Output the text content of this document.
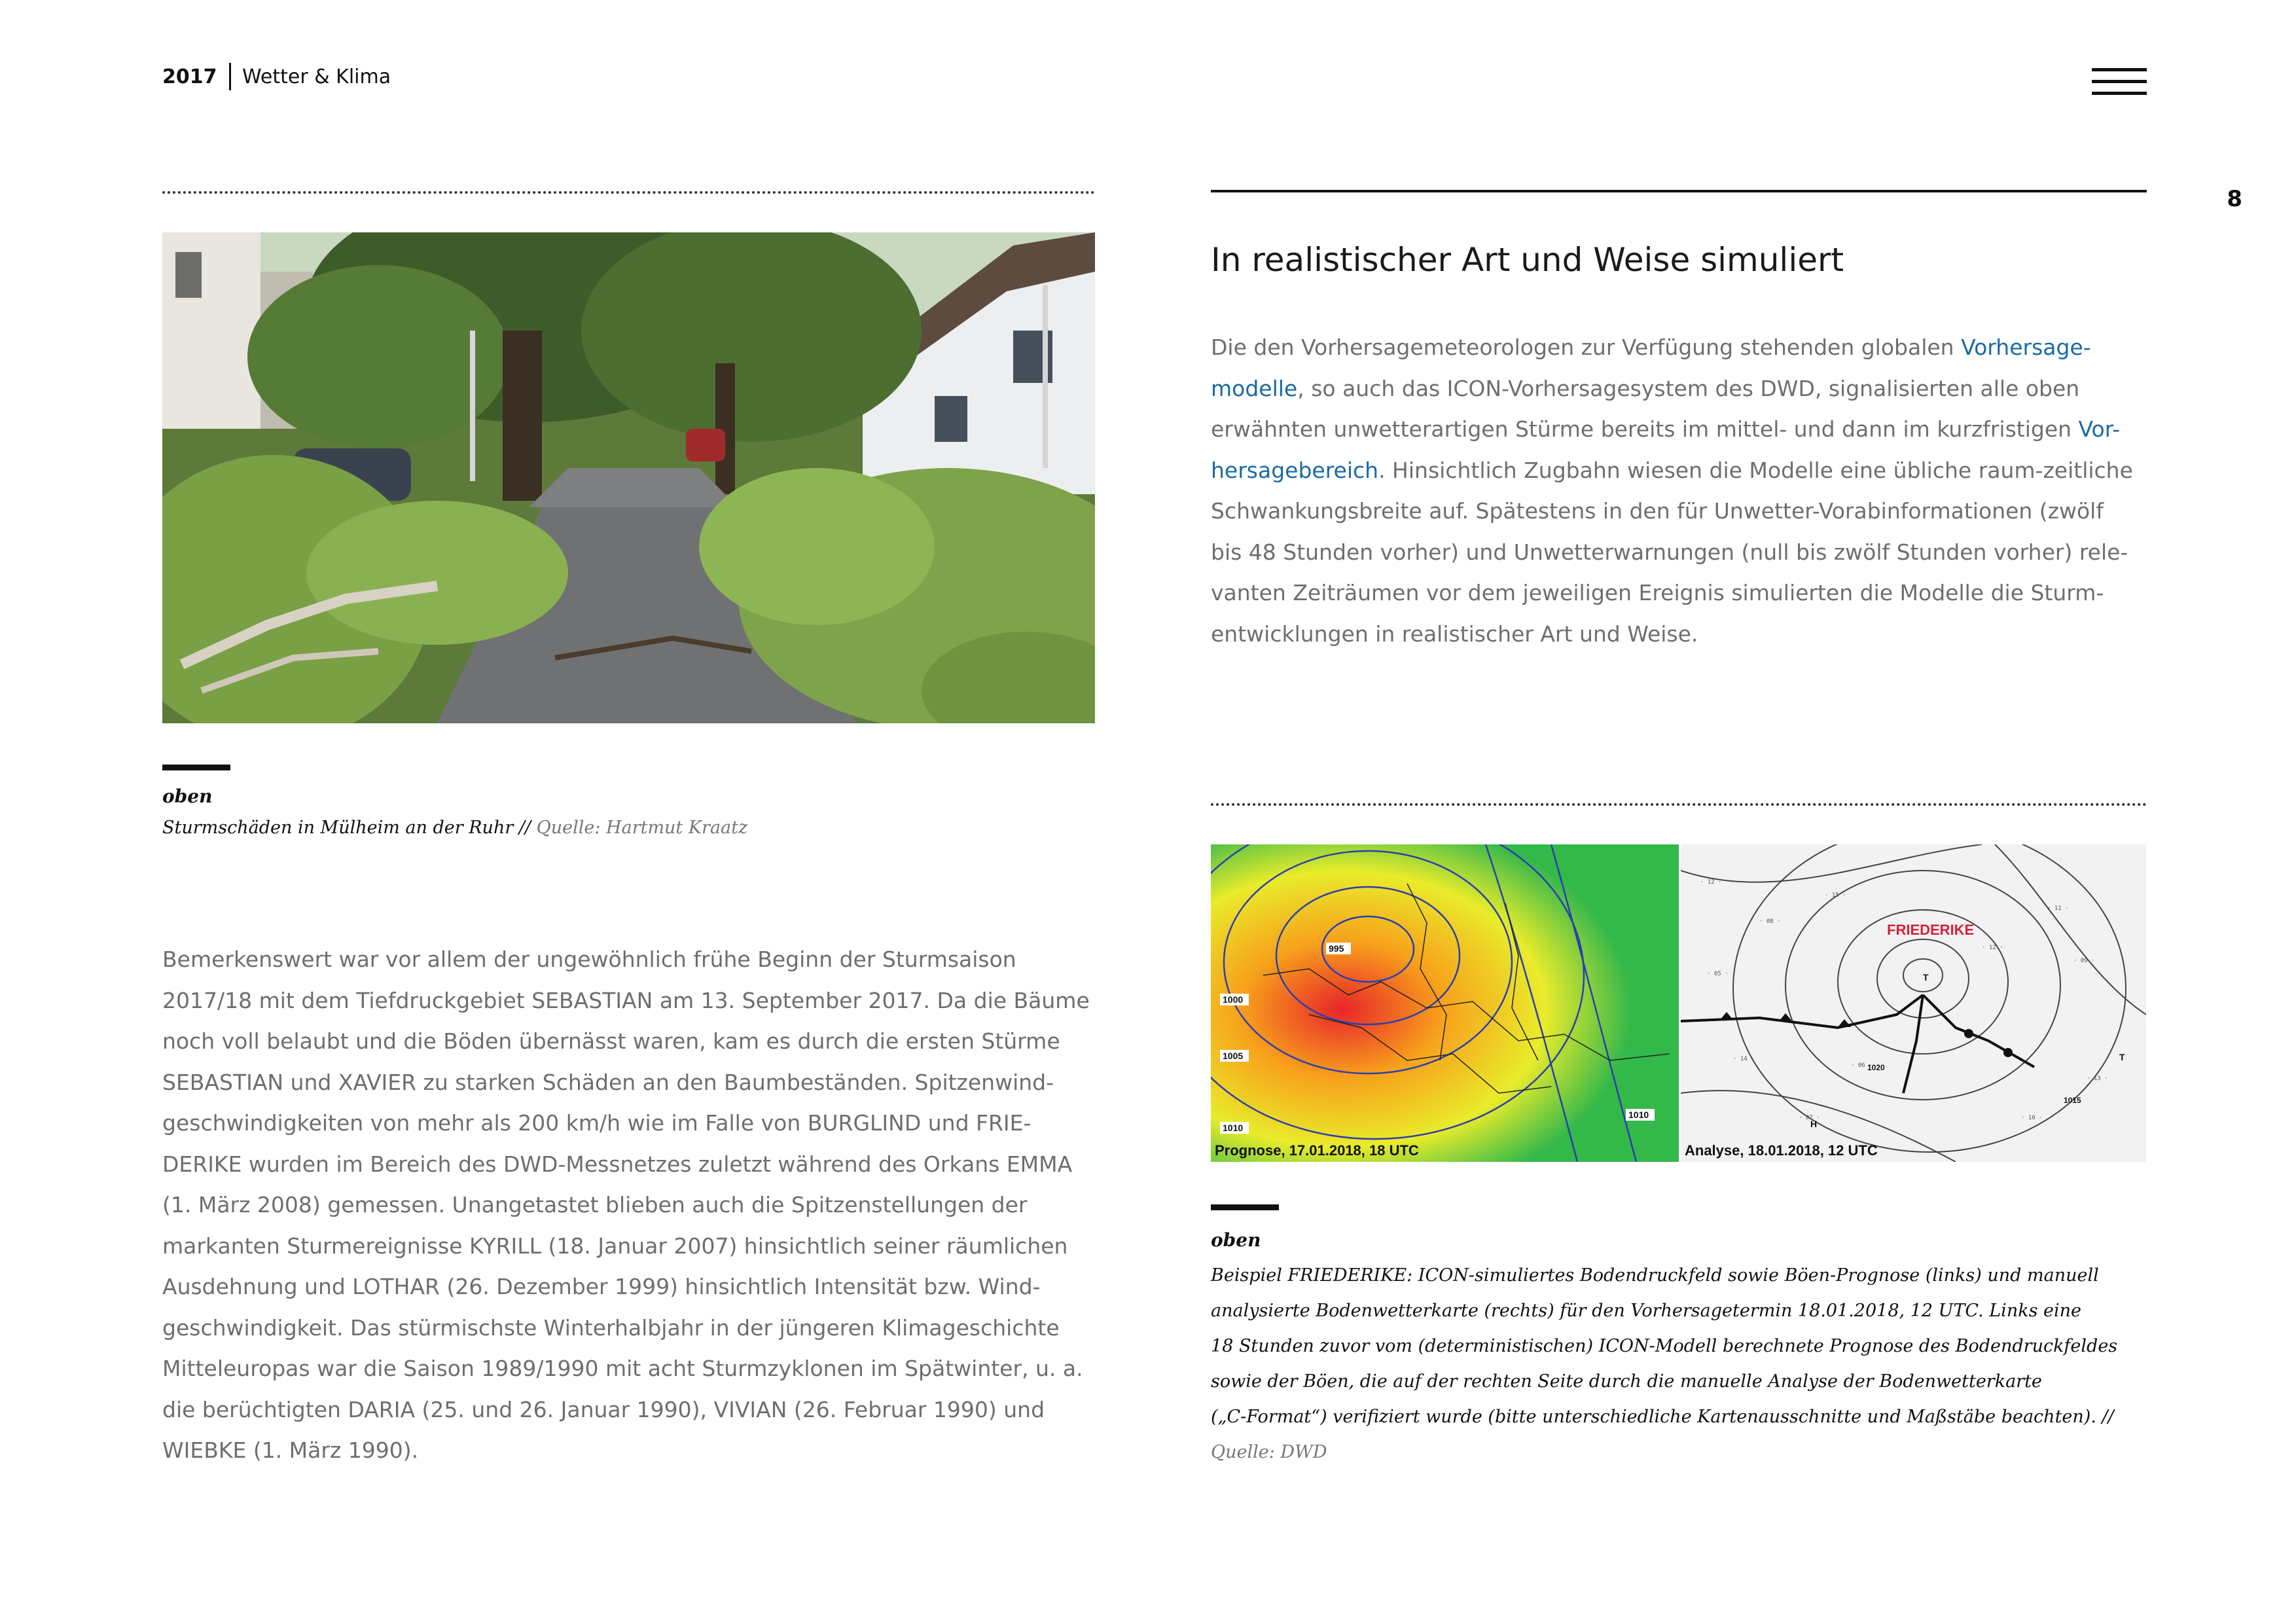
2017 Wetter & Klima
8
oben
Sturmschäden in Mülheim an der Ruhr // Quelle: Hartmut Kraatz

Bemerkenswert war vor allem der ungewöhnlich frühe Beginn der Sturmsaison

2017/18 mit dem Tiefdruckgebiet SEBASTIAN am 13. September 2017. Da die Bäume

noch voll belaubt und die Böden übernässt waren, kam es durch die ersten Stürme

SEBASTIAN und XAVIER zu starken Schäden an den Baumbeständen. Spitzenwind-

geschwindigkeiten von mehr als 200 km/h wie im Falle von BURGLIND und FRIE-

DERIKE wurden im Bereich des DWD-Messnetzes zuletzt während des Orkans EMMA

(1. März 2008) gemessen. Unangetastet blieben auch die Spitzenstellungen der

markanten Sturmereignisse KYRILL (18. Januar 2007) hinsichtlich seiner räumlichen

Ausdehnung und LOTHAR (26. Dezember 1999) hinsichtlich Intensität bzw. Wind-

geschwindigkeit. Das stürmischste Winterhalbjahr in der jüngeren Klimageschichte

Mitteleuropas war die Saison 1989/1990 mit acht Sturmzyklonen im Spätwinter, u. a.

die berüchtigten DARIA (25. und 26. Januar 1990), VIVIAN (26. Februar 1990) und

WIEBKE (1. März 1990).

In realistischer Art und Weise simuliert

Die den Vorhersagemeteorologen zur Verfügung stehenden globalen Vorhersage-

modelle, so auch das ICON-Vorhersagesystem des DWD, signalisierten alle oben

erwähnten unwetterartigen Stürme bereits im mittel- und dann im kurzfristigen Vor-

hersagebereich. Hinsichtlich Zugbahn wiesen die Modelle eine übliche raum-zeitliche

Schwankungsbreite auf. Spätestens in den für Unwetter-Vorabinformationen (zwölf

bis 48 Stunden vorher) und Unwetterwarnungen (null bis zwölf Stunden vorher) rele-

vanten Zeiträumen vor dem jeweiligen Ereignis simulierten die Modelle die Sturm-

entwicklungen in realistischer Art und Weise.

1000
1005
1010
1010
995
Prognose, 17.01.2018, 18 UTC
· 12 ·
· 08 ·
· 15 ·
· 11 ·
· 09 ·
· 14 ·
· 07 ·	· 10 ·
· 13 ·
· 06 ·
· 12 ·
· 05 ·
H
T
T
1015
1020
FRIEDERIKE
Analyse, 18.01.2018, 12 UTC
oben
Beispiel FRIEDERIKE: ICON-simuliertes Bodendruckfeld sowie Böen-Prognose (links) und manuell
analysierte Bodenwetterkarte (rechts) für den Vorhersagetermin 18.01.2018, 12 UTC. Links eine
18 Stunden zuvor vom (deterministischen) ICON-Modell berechnete Prognose des Bodendruckfeldes
sowie der Böen, die auf der rechten Seite durch die manuelle Analyse der Bodenwetterkarte
(„C-Format“) verifiziert wurde (bitte unterschiedliche Kartenausschnitte und Maßstäbe beachten). //
Quelle: DWD
